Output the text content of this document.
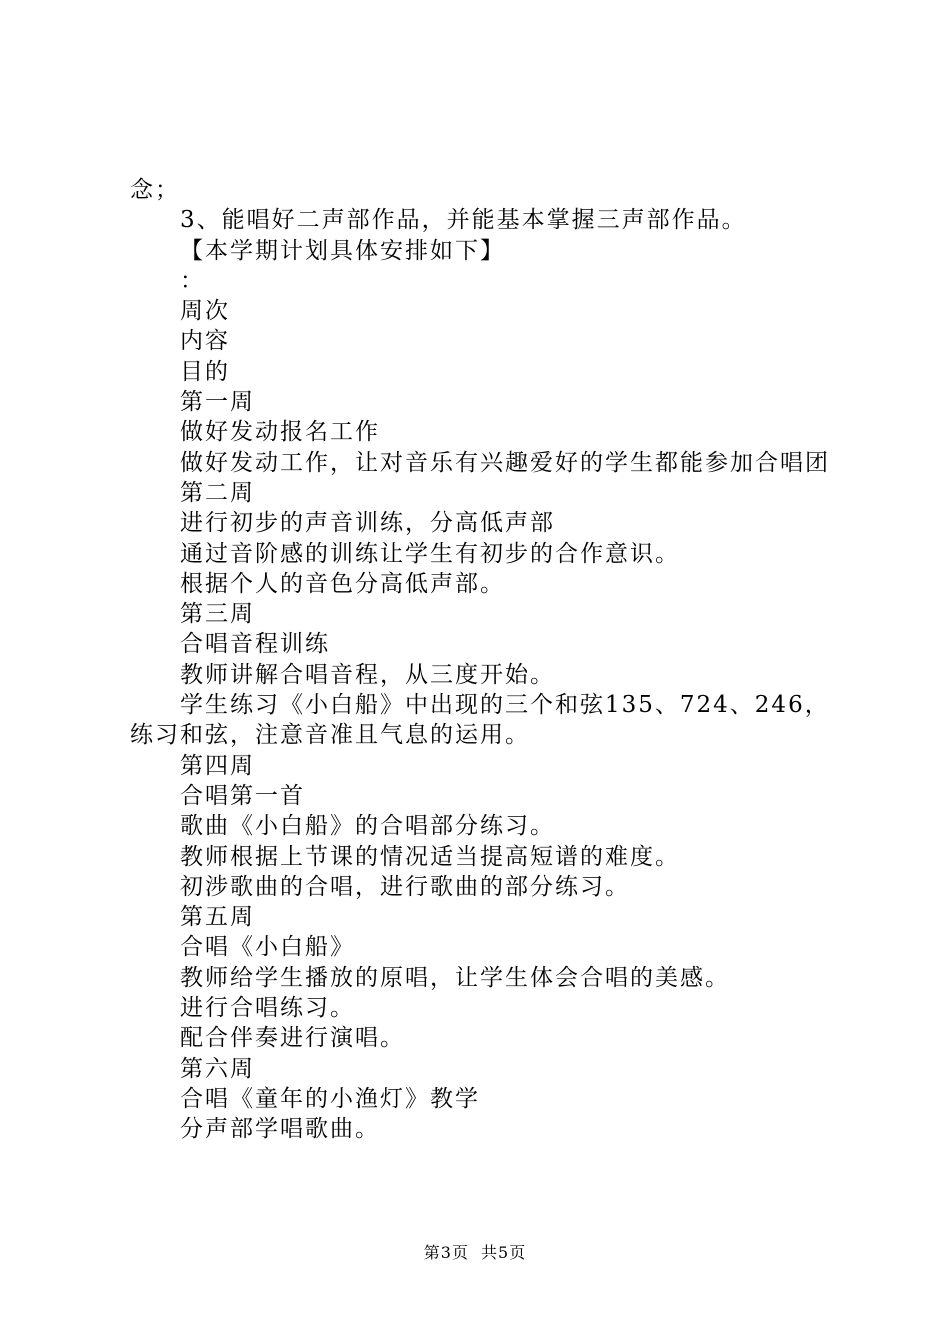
念；
3、能唱好二声部作品，并能基本掌握三声部作品。
【本学期计划具体安排如下】
：
周次
内容
目的
第一周
做好发动报名工作
做好发动工作，让对音乐有兴趣爱好的学生都能参加合唱团
第二周
进行初步的声音训练，分高低声部
通过音阶感的训练让学生有初步的合作意识。
根据个人的音色分高低声部。
第三周
合唱音程训练
教师讲解合唱音程，从三度开始。
学生练习《小白船》中出现的三个和弦135、724、246，练习和弦，注意音准且气息的运用。
第四周
合唱第一首
歌曲《小白船》的合唱部分练习。
教师根据上节课的情况适当提高短谱的难度。
初涉歌曲的合唱，进行歌曲的部分练习。
第五周
合唱《小白船》
教师给学生播放的原唱，让学生体会合唱的美感。
进行合唱练习。
配合伴奏进行演唱。
第六周
合唱《童年的小渔灯》教学
分声部学唱歌曲。
第3页 共5页
